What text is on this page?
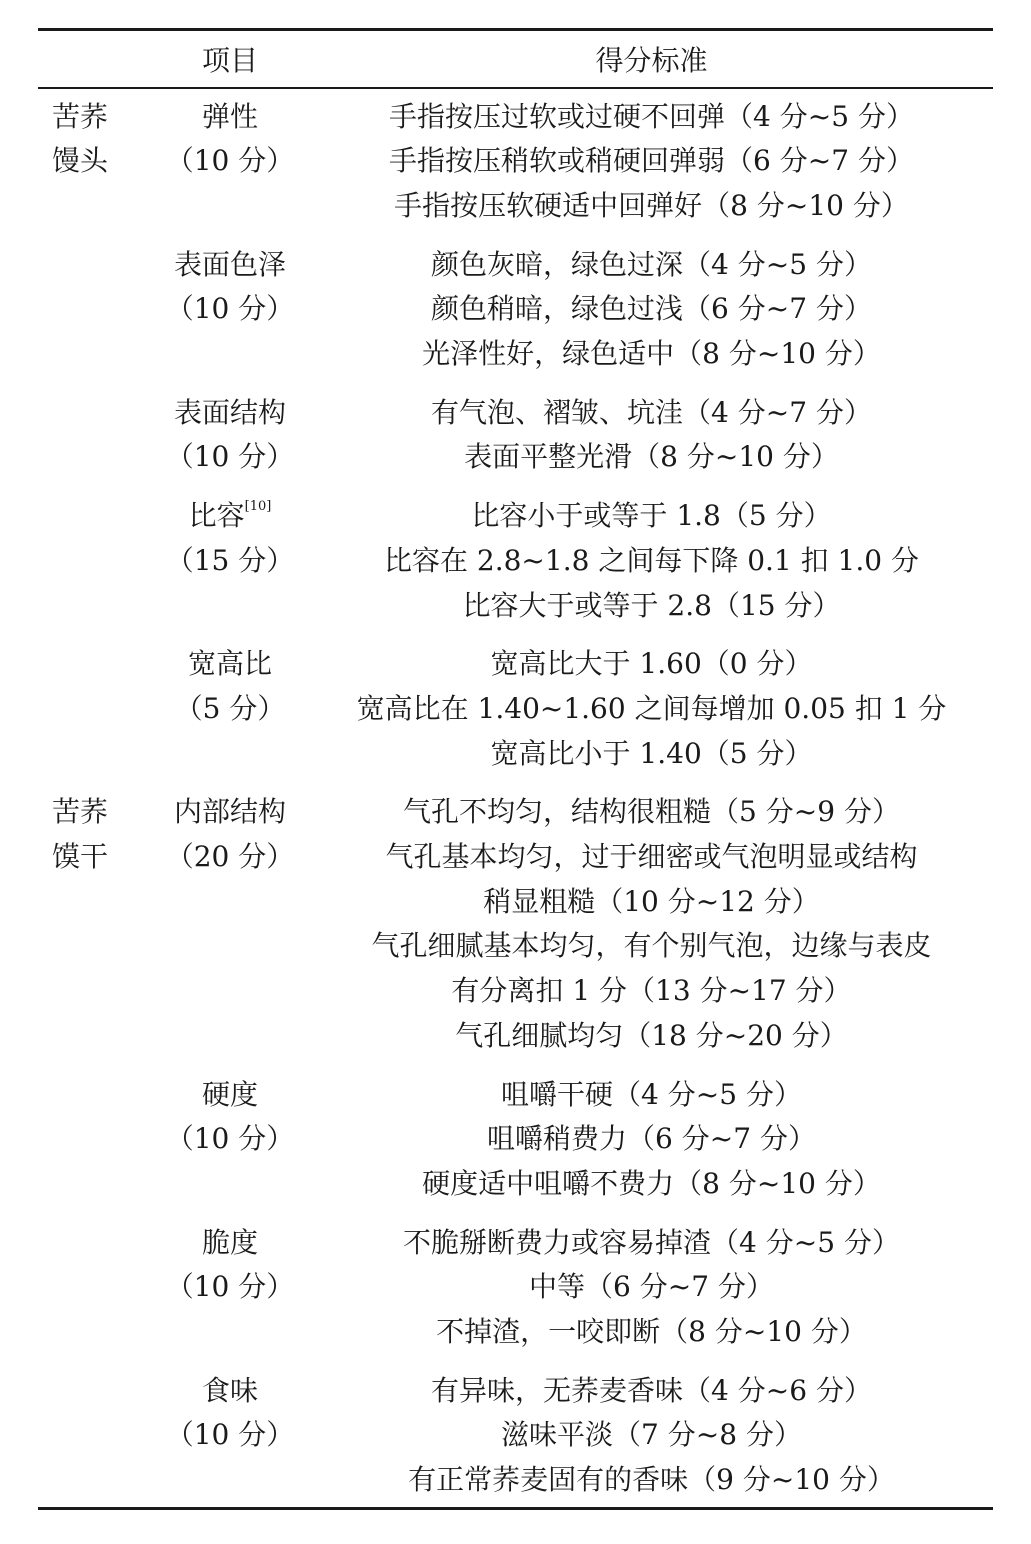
项目	得分标准
苦荞
馒头
弹性
（10 分）
手指按压过软或过硬不回弹（4 分~5 分）
手指按压稍软或稍硬回弹弱（6 分~7 分）
手指按压软硬适中回弹好（8 分~10 分）
表面色泽
（10 分）
颜色灰暗，绿色过深（4 分~5 分）
颜色稍暗，绿色过浅（6 分~7 分）
光泽性好，绿色适中（8 分~10 分）
表面结构
（10 分）
有气泡、褶皱、坑洼（4 分~7 分）
表面平整光滑（8 分~10 分）
比容[10]
（15 分）
比容小于或等于 1.8（5 分）
比容在 2.8~1.8 之间每下降 0.1 扣 1.0 分
比容大于或等于 2.8（15 分）
宽高比
（5 分）
宽高比大于 1.60（0 分）
宽高比在 1.40~1.60 之间每增加 0.05 扣 1 分
宽高比小于 1.40（5 分）
苦荞
馍干
内部结构
（20 分）
气孔不均匀，结构很粗糙（5 分~9 分）
气孔基本均匀，过于细密或气泡明显或结构
稍显粗糙（10 分~12 分）
气孔细腻基本均匀，有个别气泡，边缘与表皮
有分离扣 1 分（13 分~17 分）
气孔细腻均匀（18 分~20 分）
硬度
（10 分）
咀嚼干硬（4 分~5 分）
咀嚼稍费力（6 分~7 分）
硬度适中咀嚼不费力（8 分~10 分）
脆度
（10 分）
不脆掰断费力或容易掉渣（4 分~5 分）
中等（6 分~7 分）
不掉渣，一咬即断（8 分~10 分）
食味
（10 分）
有异味，无荞麦香味（4 分~6 分）
滋味平淡（7 分~8 分）
有正常荞麦固有的香味（9 分~10 分）
